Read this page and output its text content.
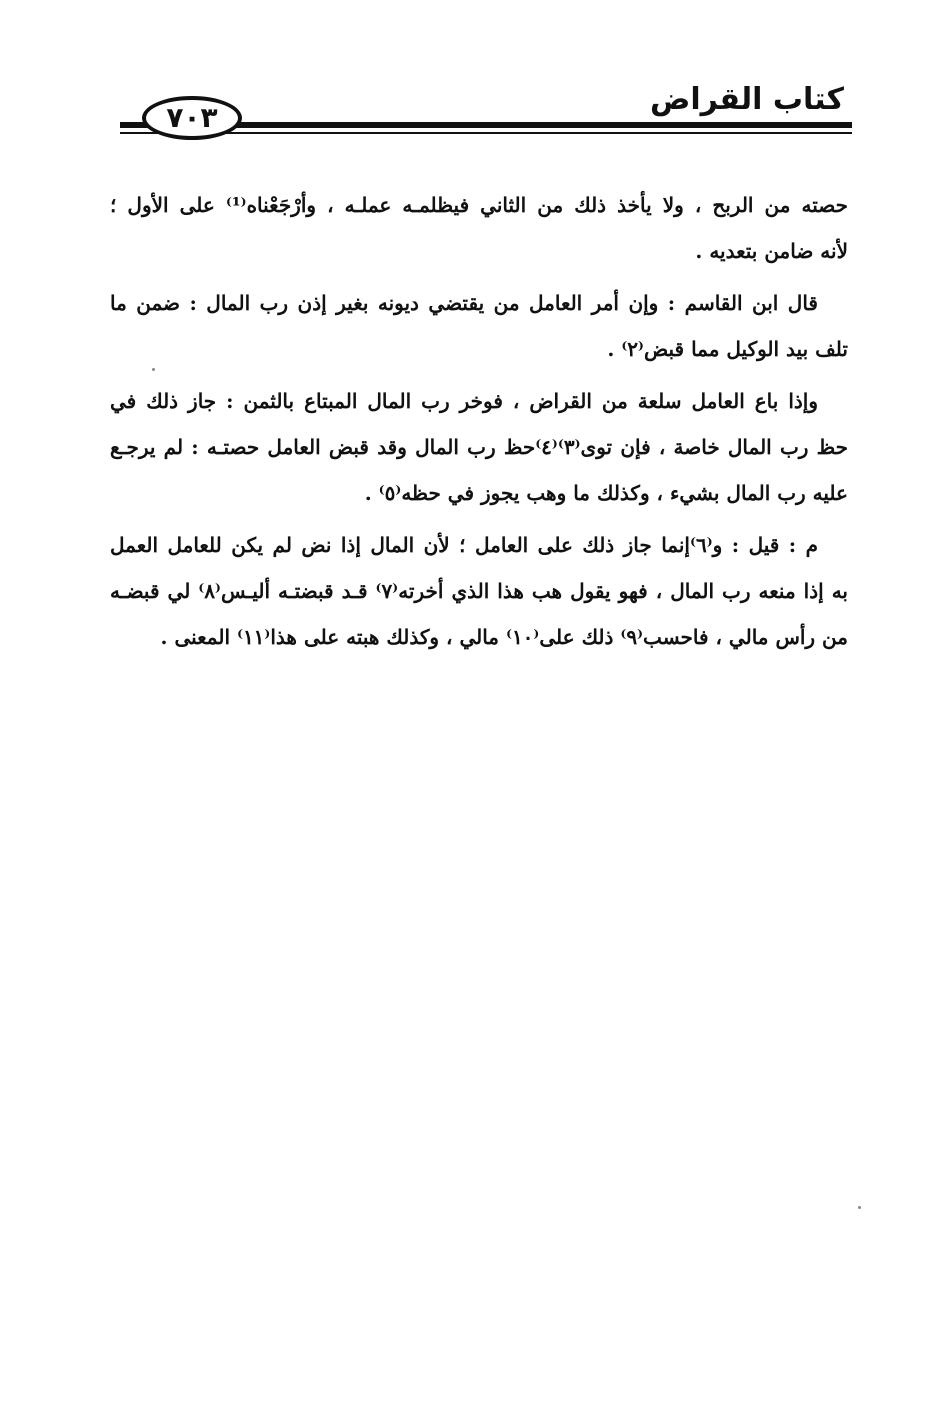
كتاب القراض
٧٠٣

حصته من الربح ، ولا يأخذ ذلك من الثاني فيظلمـه عملـه ، وأرْجَعْناه⁽¹⁾ على الأول ؛
لأنه ضامن بتعديه .

قال ابن القاسم : وإن أمر العامل من يقتضي ديونه بغير إذن رب المال : ضمن ما
تلف بيد الوكيل مما قبض⁽٢⁾ .

وإذا باع العامل سلعة من القراض ، فوخر رب المال المبتاع بالثمن : جاز ذلك في
حظ رب المال خاصة ، فإن توى⁽٣⁾⁽٤⁾حظ رب المال وقد قبض العامل حصتـه : لم يرجـع
عليه رب المال بشيء ، وكذلك ما وهب يجوز في حظه⁽٥⁾ .

م : قيل : و⁽٦⁾إنما جاز ذلك على العامل ؛ لأن المال إذا نض لم يكن للعامل العمل
به إذا منعه رب المال ، فهو يقول هب هذا الذي أخرته⁽٧⁾ قـد قبضتـه أليـس⁽٨⁾ لي قبضـه
من رأس مالي ، فاحسب⁽٩⁾ ذلك على⁽١٠⁾ مالي ، وكذلك هبته على هذا⁽١١⁾ المعنى .
